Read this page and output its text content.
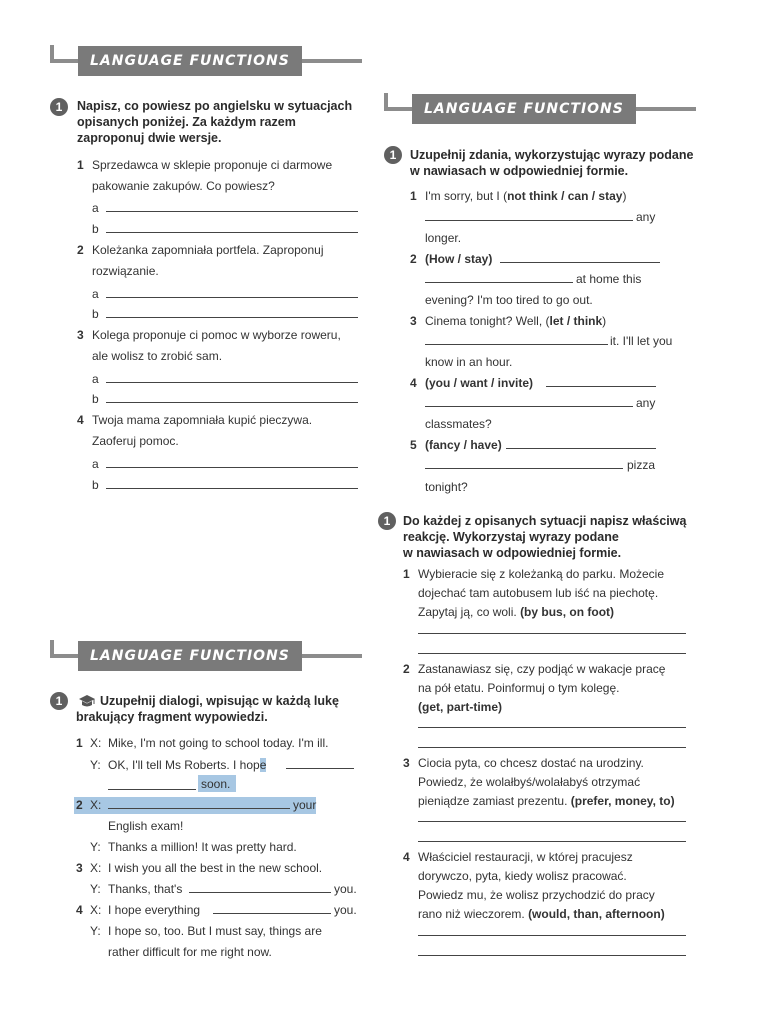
LANGUAGE FUNCTIONS
1	Napisz, co powiesz po angielsku w sytuacjach
opisanych poniżej. Za każdym razem
zaproponuj dwie wersje.
1 Sprzedawca w sklepie proponuje ci darmowe
pakowanie zakupów. Co powiesz?
a
b
2 Koleżanka zapomniała portfela. Zaproponuj
rozwiązanie.
a
b
3 Kolega proponuje ci pomoc w wyborze roweru,
ale wolisz to zrobić sam.
a
b
4 Twoja mama zapomniała kupić pieczywa.
Zaoferuj pomoc.
a
b
LANGUAGE FUNCTIONS
1	Uzupełnij zdania, wykorzystując wyrazy podane
w nawiasach w odpowiedniej formie.
1 I'm sorry, but I (not think / can / stay)
any
longer.
2 (How / stay)
at home this
evening? I'm too tired to go out.
3 Cinema tonight? Well, (let / think)
it. I'll let you
know in an hour.
4 (you / want / invite)
any
classmates?
5 (fancy / have)
pizza
tonight?
1	Do każdej z opisanych sytuacji napisz właściwą
reakcję. Wykorzystaj wyrazy podane
w nawiasach w odpowiedniej formie.
1 Wybieracie się z koleżanką do parku. Możecie
dojechać tam autobusem lub iść na piechotę.
Zapytaj ją, co woli. (by bus, on foot)
2 Zastanawiasz się, czy podjąć w wakacje pracę
na pół etatu. Poinformuj o tym kolegę.
(get, part-time)
3 Ciocia pyta, co chcesz dostać na urodziny.
Powiedz, że wolałbyś/wolałabyś otrzymać
pieniądze zamiast prezentu. (prefer, money, to)
4 Właściciel restauracji, w której pracujesz
dorywczo, pyta, kiedy wolisz pracować.
Powiedz mu, że wolisz przychodzić do pracy
rano niż wieczorem. (would, than, afternoon)
LANGUAGE FUNCTIONS
1	Uzupełnij dialogi, wpisując w każdą lukę
brakujący fragment wypowiedzi.
1 X: Mike, I'm not going to school today. I'm ill.
Y: OK, I'll tell Ms Roberts. I hope
soon.
2 X:	your
English exam!
Y: Thanks a million! It was pretty hard.
3 X: I wish you all the best in the new school.
Y: Thanks, that's	you.
4 X: I hope everything	you.
Y: I hope so, too. But I must say, things are
rather difficult for me right now.
